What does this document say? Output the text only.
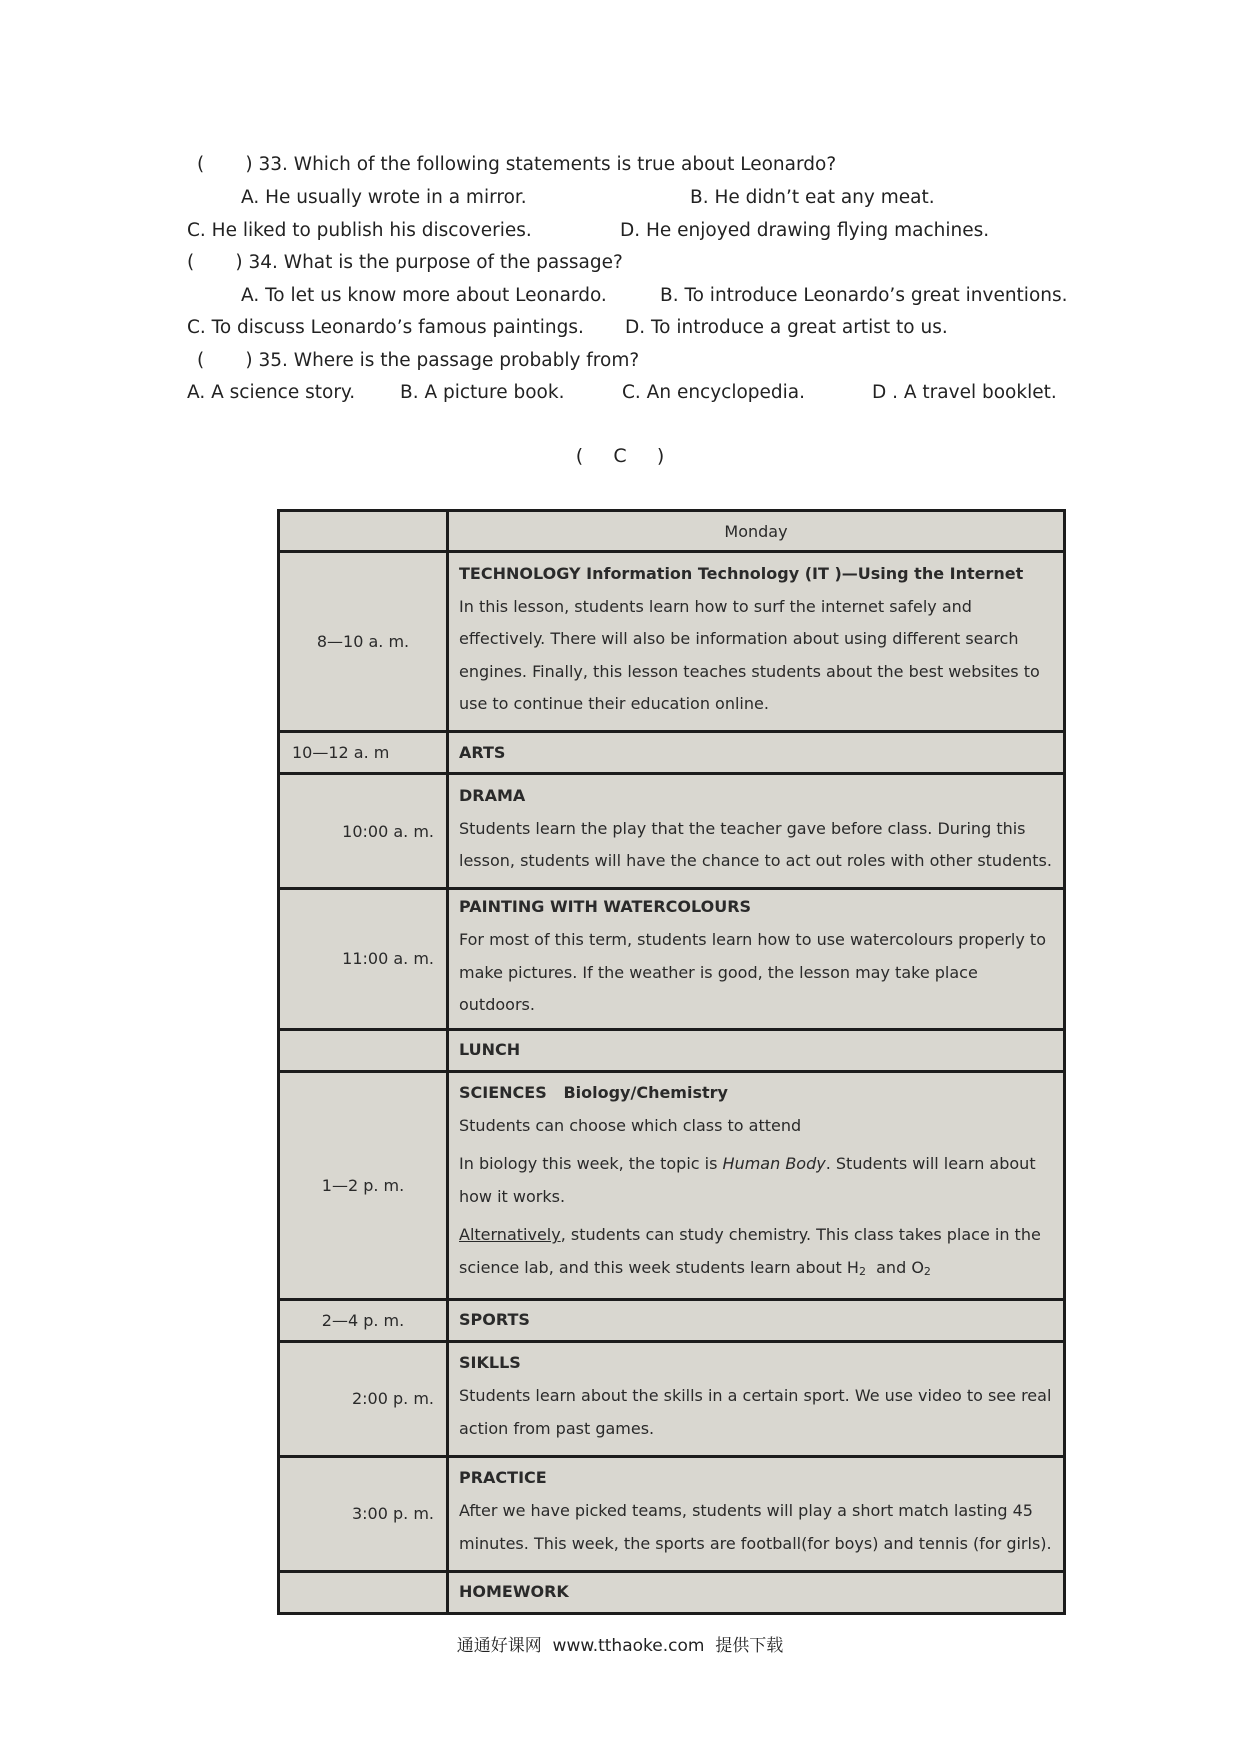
(       ) 33. Which of the following statements is true about Leonardo?
A. He usually wrote in a mirror.	B. He didn’t eat any meat.
C. He liked to publish his discoveries.	D. He enjoyed drawing flying machines.
(       ) 34. What is the purpose of the passage?
A. To let us know more about Leonardo.	B. To introduce Leonardo’s great inventions.
C. To discuss Leonardo’s famous paintings. D. To introduce a great artist to us.
(       ) 35. Where is the passage probably from?
A. A science story. B. A picture book.	C. An encyclopedia.	D . A travel booklet.
(     C     )
	Monday
8—10 a. m.	TECHNOLOGY Information Technology (IT )—Using the Internet
In this lesson, students learn how to surf the internet safely and effectively. There will also be information about using different search engines. Finally, this lesson teaches students about the best websites to use to continue their education online.

10—12 a. m	ARTS

10:00 a. m.	DRAMA
Students learn the play that the teacher gave before class. During this lesson, students will have the chance to act out roles with other students.

11:00 a. m.	PAINTING WITH WATERCOLOURS
For most of this term, students learn how to use watercolours properly to make pictures. If the weather is good, the lesson may take place outdoors.

	LUNCH

1—2 p. m.	SCIENCES   Biology/Chemistry
Students can choose which class to attend
In biology this week, the topic is Human Body. Students will learn about how it works.
Alternatively, students can study chemistry. This class takes place in the science lab, and this week students learn about H2  and O2

2—4 p. m.	SPORTS

2:00 p. m.	SIKLLS
Students learn about the skills in a certain sport. We use video to see real action from past games.

3:00 p. m.	PRACTICE
After we have picked teams, students will play a short match lasting 45 minutes. This week, the sports are football(for boys) and tennis (for girls).

	HOMEWORK
通通好课网  www.tthaoke.com  提供下载
